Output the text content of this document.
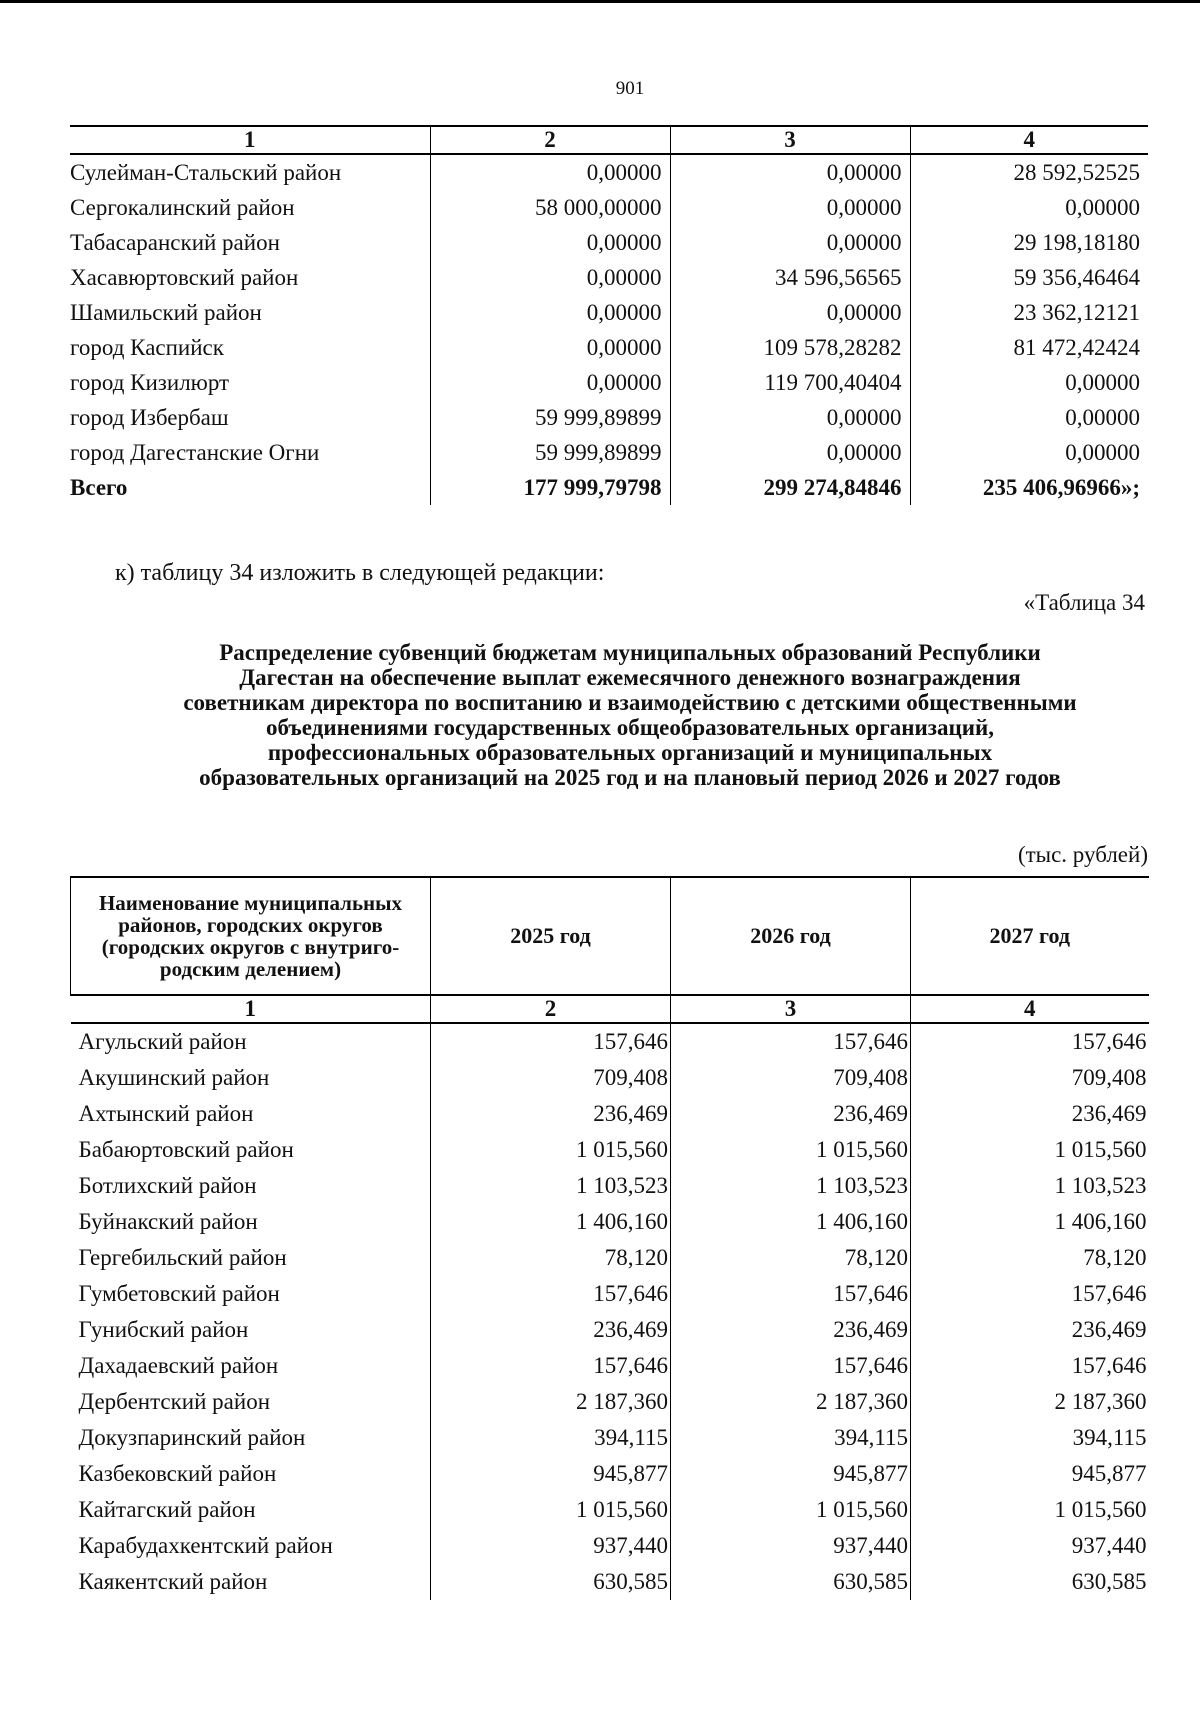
901
1	2	3	4
Сулейман-Стальский район	0,00000	0,00000	28 592,52525
Сергокалинский район	58 000,00000	0,00000	0,00000
Табасаранский район	0,00000	0,00000	29 198,18180
Хасавюртовский район	0,00000	34 596,56565	59 356,46464
Шамильский район	0,00000	0,00000	23 362,12121
город Каспийск	0,00000	109 578,28282	81 472,42424
город Кизилюрт	0,00000	119 700,40404	0,00000
город Избербаш	59 999,89899	0,00000	0,00000
город Дагестанские Огни	59 999,89899	0,00000	0,00000
Всего	177 999,79798	299 274,84846	235 406,96966»;
к) таблицу 34 изложить в следующей редакции:
«Таблица 34
Распределение субвенций бюджетам муниципальных образований Республики
Дагестан на обеспечение выплат ежемесячного денежного вознаграждения
советникам директора по воспитанию и взаимодействию с детскими общественными
объединениями государственных общеобразовательных организаций,
профессиональных образовательных организаций и муниципальных
образовательных организаций на 2025 год и на плановый период 2026 и 2027 годов
(тыс. рублей)
Наименование муниципальных районов, городских округов (городских округов с внутриго-родским делением)	2025 год	2026 год	2027 год
1	2	3	4
Агульский район	157,646	157,646	157,646
Акушинский район	709,408	709,408	709,408
Ахтынский район	236,469	236,469	236,469
Бабаюртовский район	1 015,560	1 015,560	1 015,560
Ботлихский район	1 103,523	1 103,523	1 103,523
Буйнакский район	1 406,160	1 406,160	1 406,160
Гергебильский район	78,120	78,120	78,120
Гумбетовский район	157,646	157,646	157,646
Гунибский район	236,469	236,469	236,469
Дахадаевский район	157,646	157,646	157,646
Дербентский район	2 187,360	2 187,360	2 187,360
Докузпаринский район	394,115	394,115	394,115
Казбековский район	945,877	945,877	945,877
Кайтагский район	1 015,560	1 015,560	1 015,560
Карабудахкентский район	937,440	937,440	937,440
Каякентский район	630,585	630,585	630,585
